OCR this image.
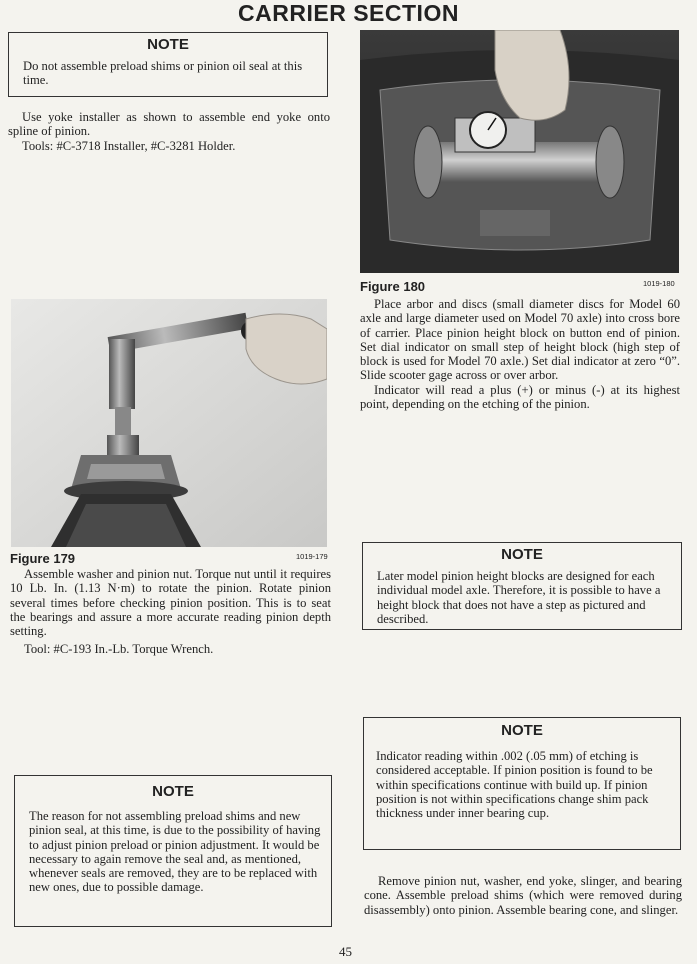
CARRIER SECTION
NOTE
Do not assemble preload shims or pinion oil seal at this time.

Use yoke installer as shown to assemble end yoke onto spline of pinion.

Tools: #C-3718 Installer, #C-3281 Holder.

Figure 179	1019-179

Assemble washer and pinion nut. Torque nut until it requires 10 Lb. In. (1.13 N·m) to rotate the pinion. Rotate pinion several times before checking pinion position. This is to seat the bearings and assure a more accurate reading pinion depth setting.

Tool: #C-193 In.-Lb. Torque Wrench.

NOTE
The reason for not assembling preload shims and new pinion seal, at this time, is due to the possibility of having to adjust pinion preload or pinion adjustment. It would be necessary to again remove the seal and, as mentioned, whenever seals are removed, they are to be replaced with new ones, due to possible damage.
Figure 180	1019-180

Place arbor and discs (small diameter discs for Model 60 axle and large diameter used on Model 70 axle) into cross bore of carrier. Place pinion height block on button end of pinion. Set dial indicator on small step of height block (high step of block is used for Model 70 axle.) Set dial indicator at zero “0”. Slide scooter gage across or over arbor.

Indicator will read a plus (+) or minus (-) at its highest point, depending on the etching of the pinion.

NOTE
Later model pinion height blocks are designed for each individual model axle. Therefore, it is possible to have a height block that does not have a step as pictured and described.
NOTE
Indicator reading within .002 (.05 mm) of etching is considered acceptable. If pinion position is found to be within specifications continue with build up. If pinion position is not within specifications change shim pack thickness under inner bearing cup.

Remove pinion nut, washer, end yoke, slinger, and bearing cone. Assemble preload shims (which were removed during disassembly) onto pinion. Assemble bearing cone, and slinger.

45
